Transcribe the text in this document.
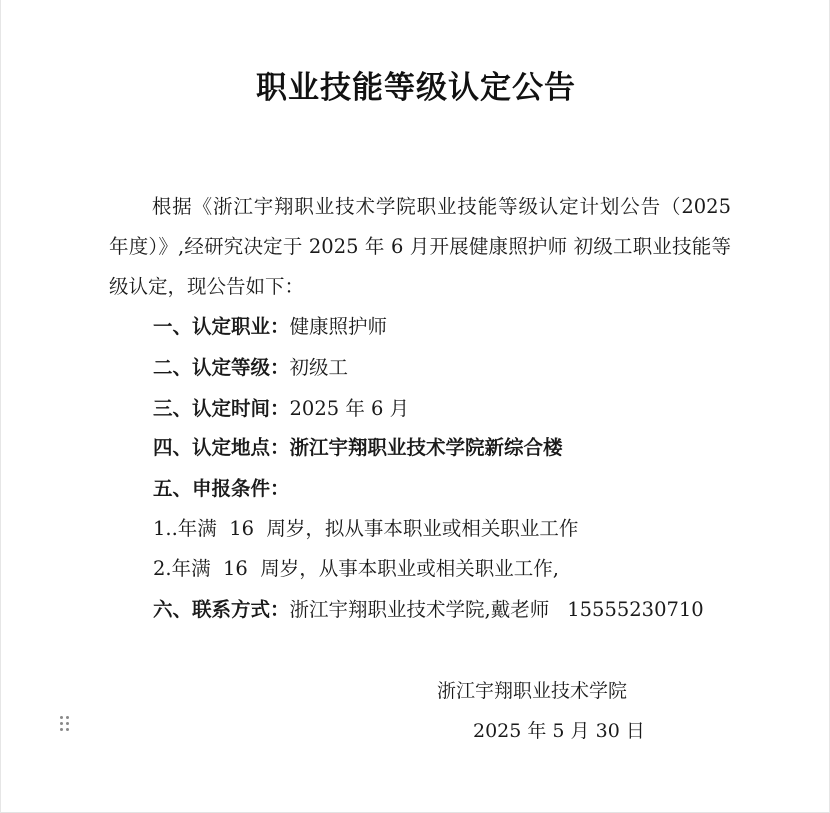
职业技能等级认定公告
根据《浙江宇翔职业技术学院职业技能等级认定计划公告（2025 年度）》,经研究决定于 2025 年 6 月开展健康照护师 初级工职业技能等级认定，现公告如下：
一、认定职业：健康照护师
二、认定等级：初级工
三、认定时间：2025 年 6 月
四、认定地点：浙江宇翔职业技术学院新综合楼
五、申报条件：
1..年满  16  周岁，拟从事本职业或相关职业工作
2.年满  16  周岁，从事本职业或相关职业工作,
六、联系方式：浙江宇翔职业技术学院,戴老师 15555230710
浙江宇翔职业技术学院
2025 年 5 月 30 日
